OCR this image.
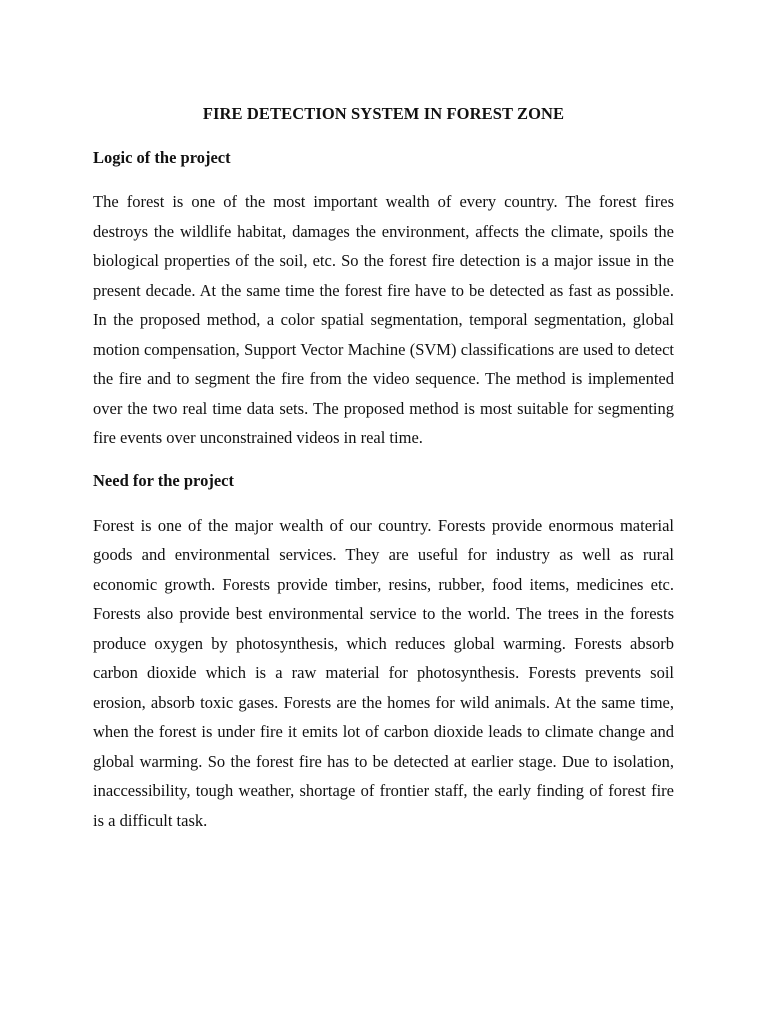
FIRE DETECTION SYSTEM IN FOREST ZONE
Logic of the project

The forest is one of the most important wealth of every country. The forest fires destroys the wildlife habitat, damages the environment, affects the climate, spoils the biological properties of the soil, etc. So the forest fire detection is a major issue in the present decade. At the same time the forest fire have to be detected as fast as possible. In the proposed method, a color spatial segmentation, temporal segmentation, global motion compensation, Support Vector Machine (SVM) classifications are used to detect the fire and to segment the fire from the video sequence. The method is implemented over the two real time data sets. The proposed method is most suitable for segmenting fire events over unconstrained videos in real time.

Need for the project

Forest is one of the major wealth of our country. Forests provide enormous material goods and environmental services. They are useful for industry as well as rural economic growth. Forests provide timber, resins, rubber, food items, medicines etc. Forests also provide best environmental service to the world. The trees in the forests produce oxygen by photosynthesis, which reduces global warming. Forests absorb carbon dioxide which is a raw material for photosynthesis. Forests prevents soil erosion, absorb toxic gases. Forests are the homes for wild animals. At the same time, when the forest is under fire it emits lot of carbon dioxide leads to climate change and global warming. So the forest fire has to be detected at earlier stage. Due to isolation, inaccessibility, tough weather, shortage of frontier staff, the early finding of forest fire is a difficult task.
